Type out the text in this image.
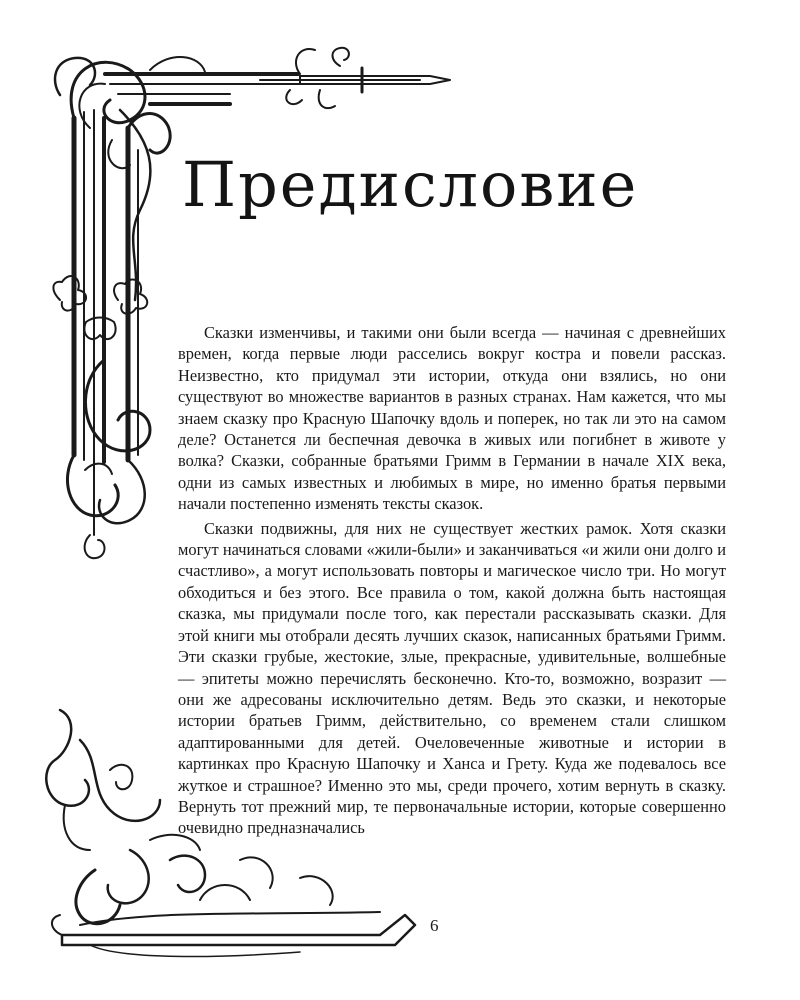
Предисловие

Сказки изменчивы, и такими они были всегда — начиная с древнейших времен, когда первые люди расселись вокруг костра и повели рассказ. Неизвестно, кто придумал эти истории, откуда они взялись, но они существуют во множестве вариантов в разных странах. Нам кажется, что мы знаем сказку про Красную Шапочку вдоль и поперек, но так ли это на самом деле? Останется ли беспечная девочка в живых или погибнет в животе у волка? Сказки, собранные братьями Гримм в Германии в начале XIX века, одни из самых известных и любимых в мире, но именно братья первыми начали постепенно изменять тексты сказок.

Сказки подвижны, для них не существует жестких рамок. Хотя сказки могут начинаться словами «жили-были» и заканчиваться «и жили они долго и счастливо», а могут использовать повторы и магическое число три. Но могут обходиться и без этого. Все правила о том, какой должна быть настоящая сказка, мы придумали после того, как перестали рассказывать сказки. Для этой книги мы отобрали десять лучших сказок, написанных братьями Гримм. Эти сказки грубые, жестокие, злые, прекрасные, удивительные, волшебные — эпитеты можно перечислять бесконечно. Кто-то, возможно, возразит — они же адресованы исключительно детям. Ведь это сказки, и некоторые истории братьев Гримм, действительно, со временем стали слишком адаптированными для детей. Очеловеченные животные и истории в картинках про Красную Шапочку и Ханса и Грету. Куда же подевалось все жуткое и страшное? Именно это мы, среди прочего, хотим вернуть в сказку. Вернуть тот прежний мир, те первоначальные истории, которые совершенно очевидно предназначались

6
